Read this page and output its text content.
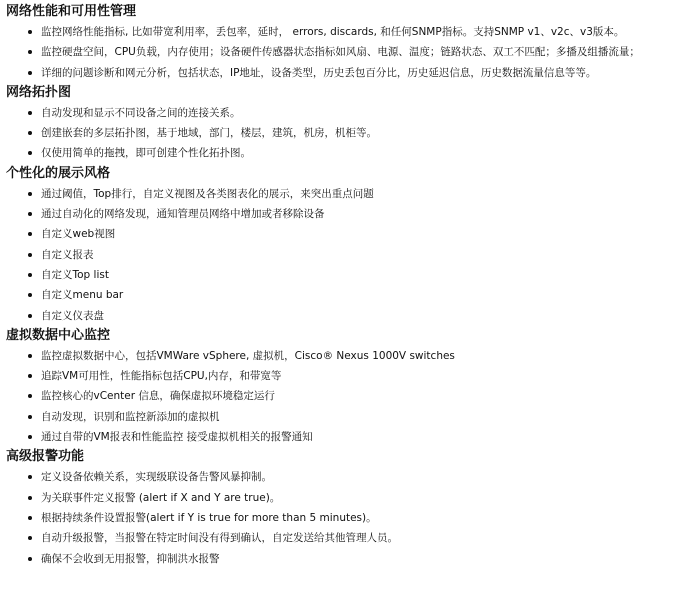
网络性能和可用性管理
监控网络性能指标, 比如带宽利用率，丢包率，延时， errors, discards, 和任何SNMP指标。支持SNMP v1、v2c、v3版本。
监控硬盘空间，CPU负载，内存使用；设备硬件传感器状态指标如风扇、电源、温度；链路状态、双工不匹配；多播及组播流量；
详细的问题诊断和网元分析，包括状态，IP地址，设备类型，历史丢包百分比，历史延迟信息，历史数据流量信息等等。
网络拓扑图
自动发现和显示不同设备之间的连接关系。
创建嵌套的多层拓扑图，基于地域，部门，楼层，建筑，机房，机柜等。
仅使用简单的拖拽，即可创建个性化拓扑图。
个性化的展示风格
通过阈值，Top排行，自定义视图及各类图表化的展示，来突出重点问题
通过自动化的网络发现，通知管理员网络中增加或者移除设备
自定义web视图
自定义报表
自定义Top list
自定义menu bar
自定义仪表盘
虚拟数据中心监控
监控虚拟数据中心，包括VMWare vSphere, 虚拟机，Cisco® Nexus 1000V switches
追踪VM可用性，性能指标包括CPU,内存，和带宽等
监控核心的vCenter 信息，确保虚拟环境稳定运行
自动发现，识别和监控新添加的虚拟机
通过自带的VM报表和性能监控 接受虚拟机相关的报警通知
高级报警功能
定义设备依赖关系，实现级联设备告警风暴抑制。
为关联事件定义报警 (alert if X and Y are true)。
根据持续条件设置报警(alert if Y is true for more than 5 minutes)。
自动升级报警，当报警在特定时间没有得到确认，自定发送给其他管理人员。
确保不会收到无用报警，抑制洪水报警
